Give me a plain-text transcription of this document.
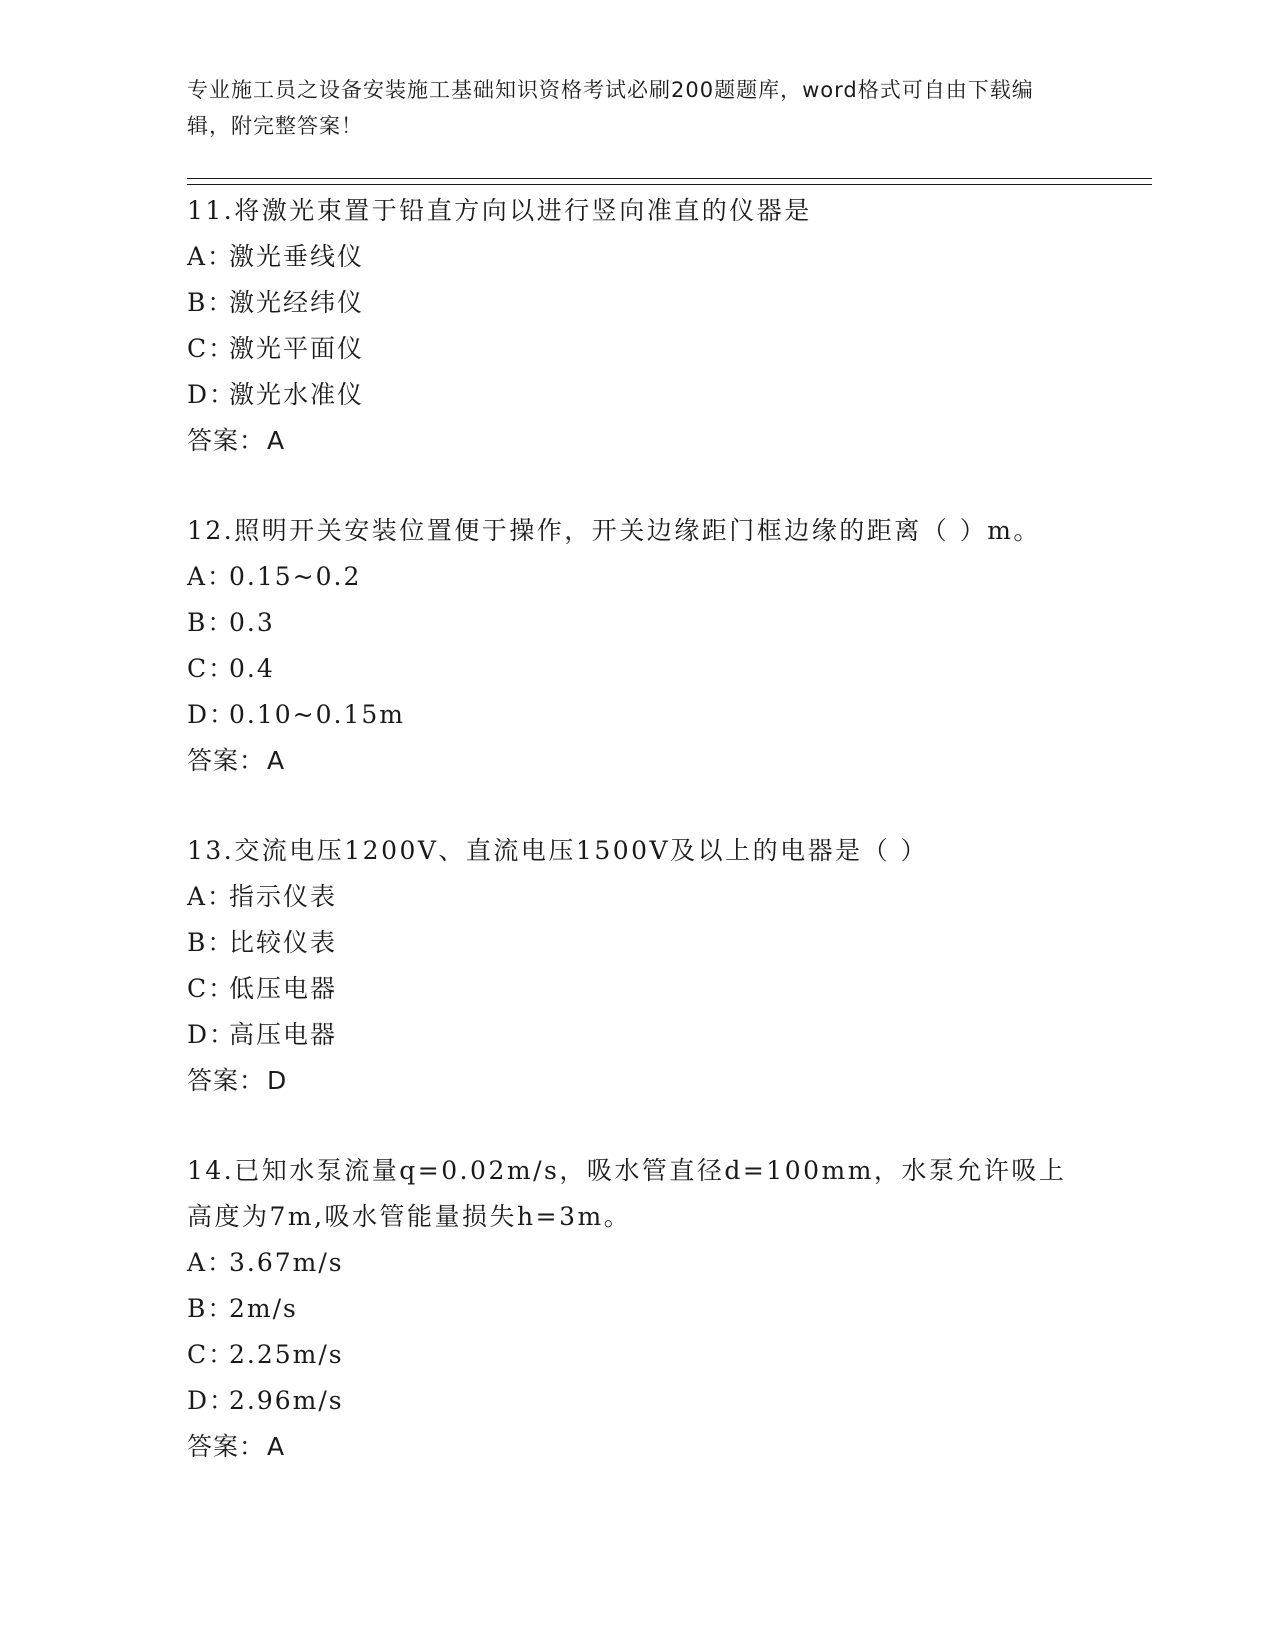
专业施工员之设备安装施工基础知识资格考试必刷200题题库，word格式可自由下载编辑，附完整答案！
11.将激光束置于铅直方向以进行竖向准直的仪器是
A：
激光垂线仪
B：
激光经纬仪
C：
激光平面仪
D：
激光水准仪
答案：A
12.照明开关安装位置便于操作，开关边缘距门框边缘的距离（ ）m。
A：
0.15~0.2
B：
0.3
C：
0.4
D：
0.10~0.15m
答案：A
13.交流电压1200V、直流电压1500V及以上的电器是（ ）
A：
指示仪表
B：
比较仪表
C：
低压电器
D：
高压电器
答案：D
14.已知水泵流量q=0.02m/s，吸水管直径d=100mm，水泵允许吸上高度为7m,吸水管能量损失h=3m。
A：
3.67m/s
B：
2m/s
C：
2.25m/s
D：
2.96m/s
答案：A
